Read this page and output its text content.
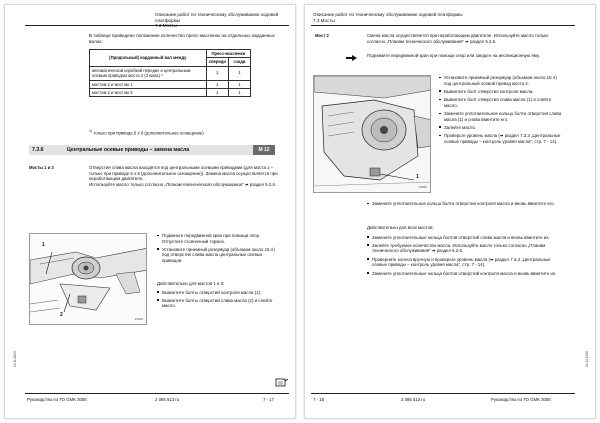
Описание работ по техническому обслуживанию ходовой платформы
7.3 Мосты
В таблице приведено положение количество пресс-масленок на отдельных карданных валах:
(Продольный) карданный вал между	Пресс-масленки	
	спереди	сзади
автоматической коробкой передач и центральным осевым приводом моста 2 (3 вала) ¹⁾	1	1
мостом 2 и мостом 1	1	1
мостом 2 и мостом 3	1	1
$^{1)}$ только при приводе 6 х 6 (дополнительное оснащение)
7.3.6	Центральные осевые приводы – замена масла	M 12
Мосты 1 и 3	Отверстия слива масла находятся под центральными осевыми приводами (для моста 1 – только при приводе 6 х 6 (дополнительное оснащение)). Замена масла осуществляется при неработающем двигателе.
Используйте масло только согласно „Планам технического обслуживания“ ➠ раздел 5.2.6.
1
2
20895
Подкиньте передвижной кран при помощи опор. Отпустите стояночный тормоз.
Установите приемный резервуар (объемом около 15 л) под отверстия слива масла центральных осевых приводов.
Действительно для мостов 1 и 3:
Вывинтите болты отверстий контроля масла (1).
Вывинтите болты отверстий слива масла (2) и слейте масло.
12.11.2003
Руководство по ТО GMK 3050	2 085 513 ru	7 - 17
Описание работ по техническому обслуживанию ходовой платформы
7.3 Мосты
Мост 2	Смена масла осуществляется при неработающем двигателе. Используйте масло только согласно „Планам технического обслуживания“ ➠ раздел 5.2.6.
Поднимите передвижной кран при помощи опор или заедьте на инспекционную яму.
1
20896
Установите приемный резервуар (объемом около 15 л) под центральный осевой привод моста 2.
Вывинтите болт отверстия контроля масла.
Вывинтите болт отверстия слива масла (1) и слейте масло.
Замените уплотнительное кольцо болта отверстия слива масла (1) и снова ввинтите его.
Залейте масло.
Проверьте уровень масла (➠ раздел 7.3.3 „Центральные осевые приводы – контроль уровня масла“, стр. 7 - 14).
Замените уплотнительное кольцо болта отверстия контроля масла и вновь ввинтите его.
Действительно для всех мостов:
Замените уплотнительные кольца болтов отверстий слива масла и вновь ввинтите их.
Залейте требуемое количество масла. Используйте масло только согласно „Планам технического обслуживания“ ➠ раздел 5.2.6.
Проверните колеса вручную и проверьте уровень масла (➠ раздел 7.3.3 „Центральные осевые приводы – контроль уровня масла“, стр. 7 - 14).
Замените уплотнительные кольца болтов отверстий контроля масла и вновь ввинтите их.
24.12.1999
7 - 18	2 085 513 ru	Руководство по ТО GMK 3050
